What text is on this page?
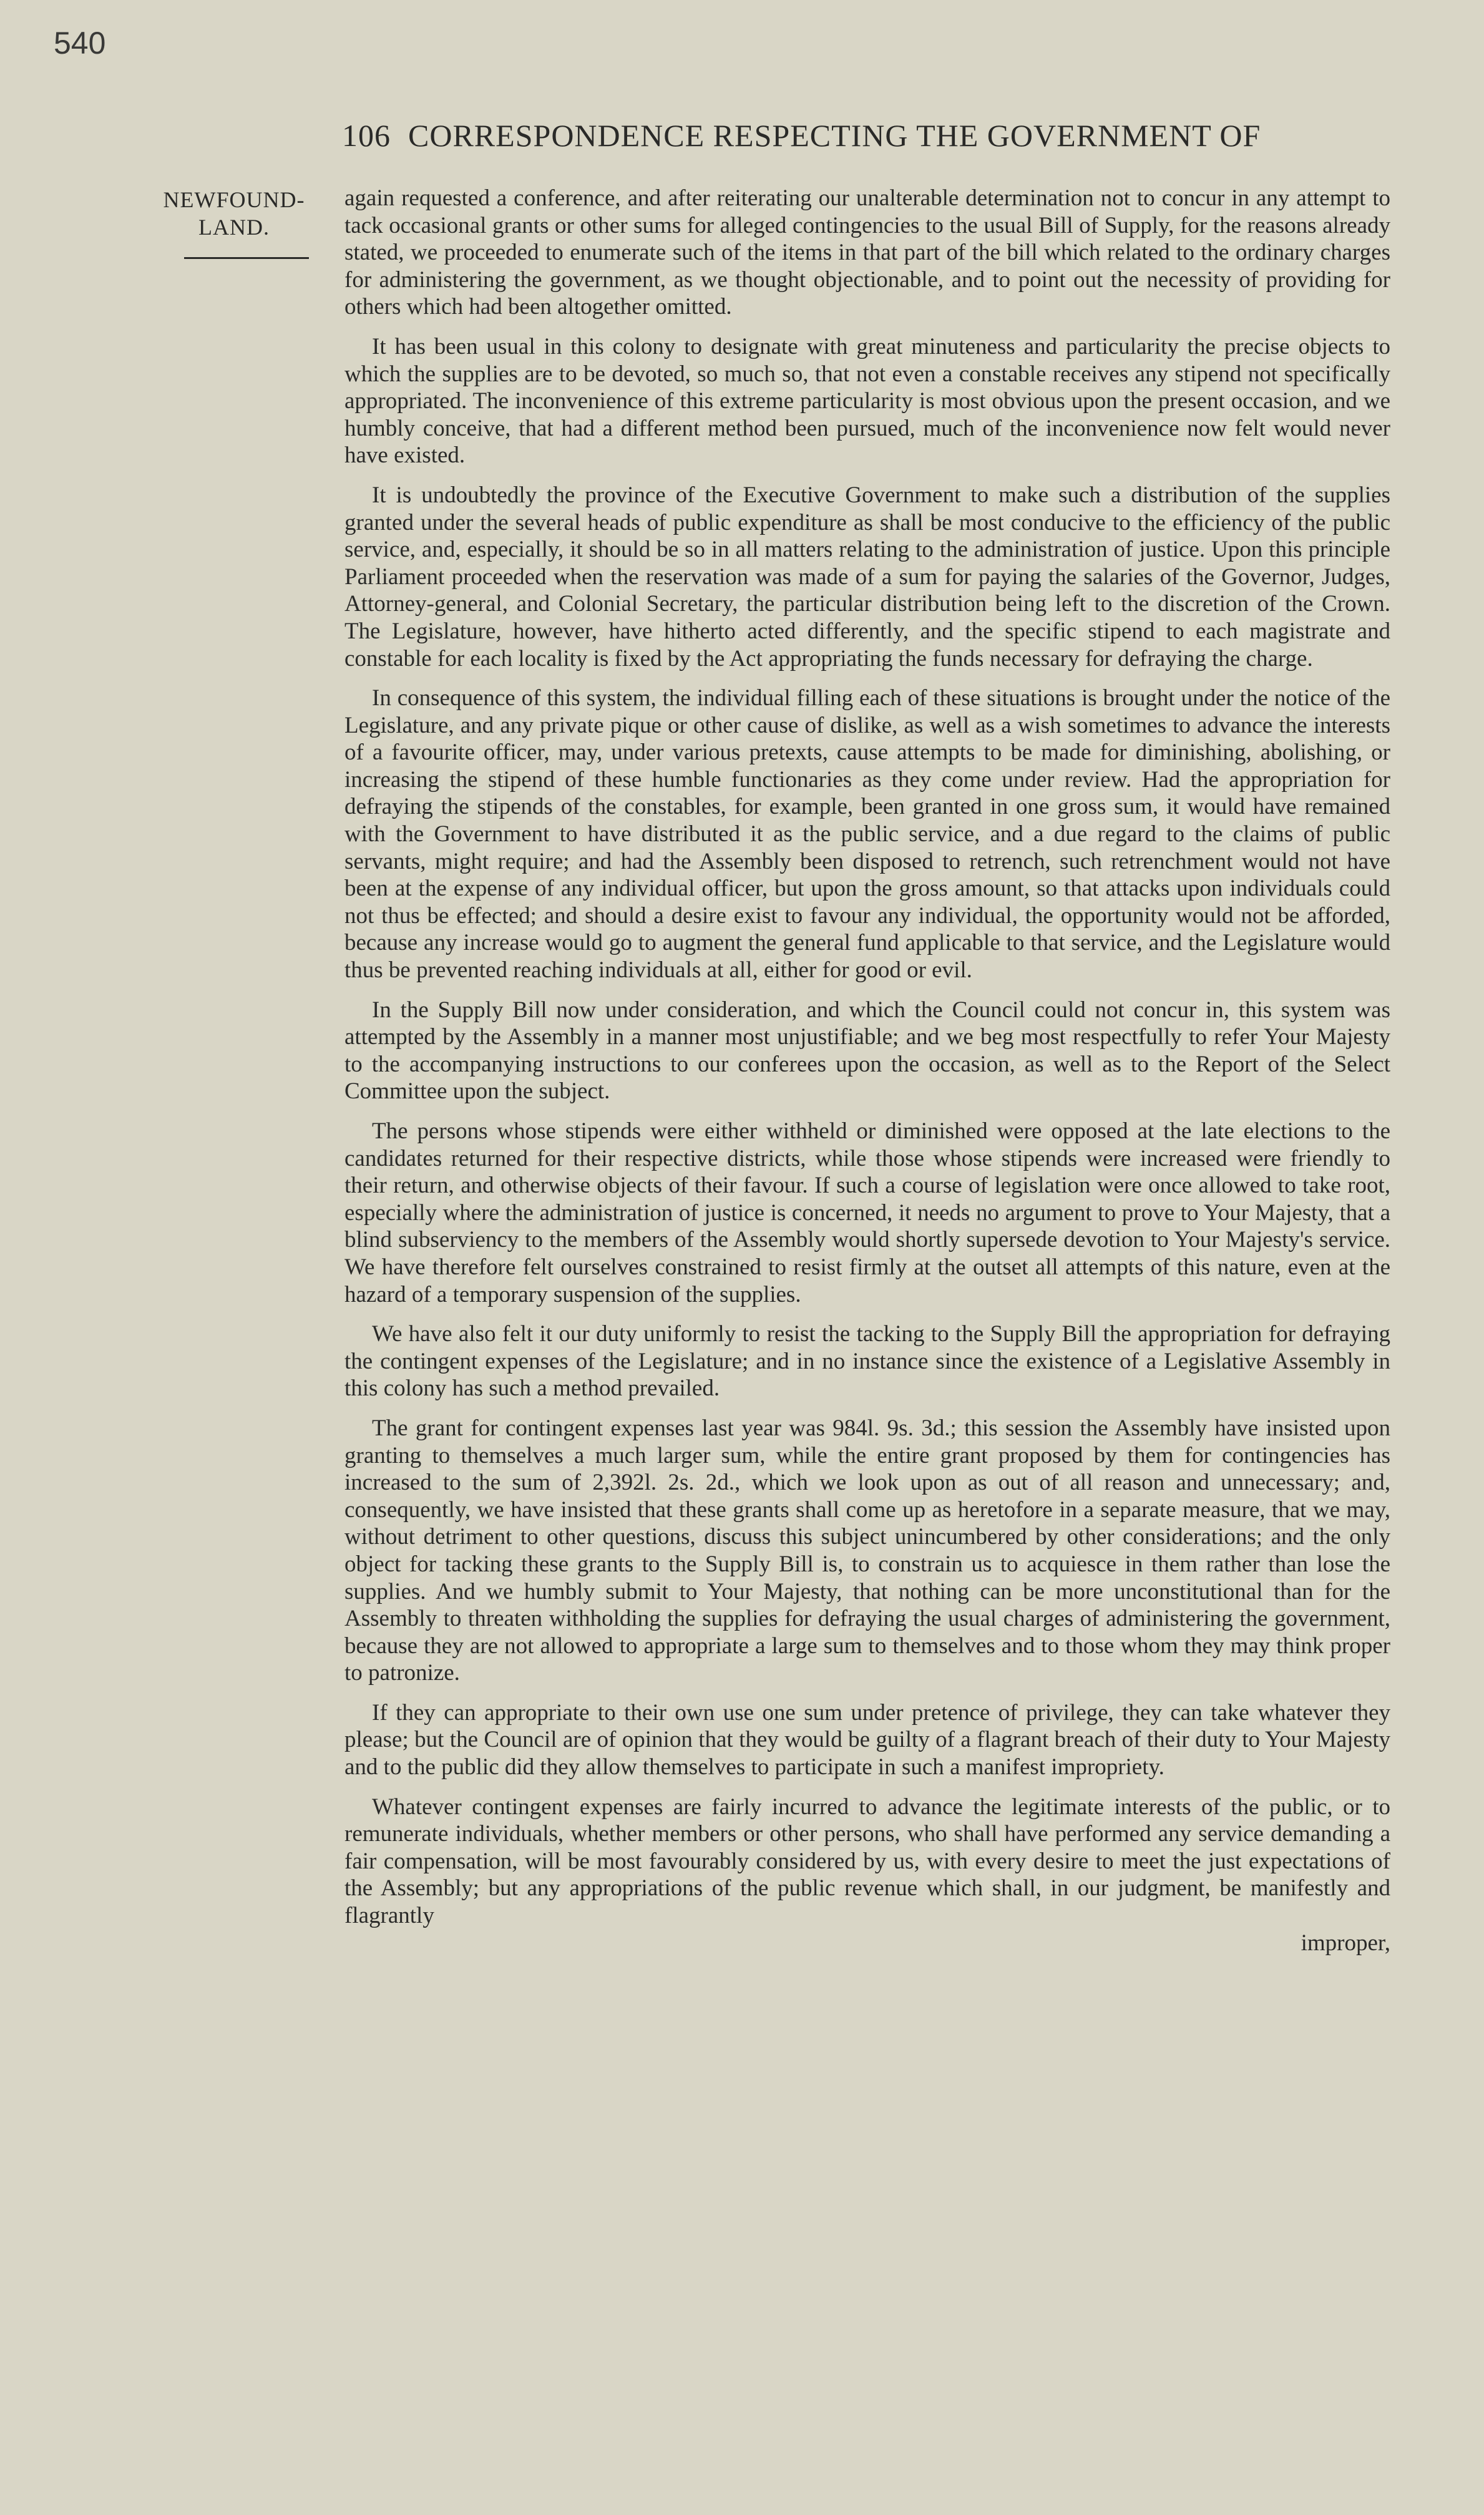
540
106 CORRESPONDENCE RESPECTING THE GOVERNMENT OF
NEWFOUND-
LAND.

again requested a conference, and after reiterating our unalterable determination not to concur in any attempt to tack occasional grants or other sums for alleged contingencies to the usual Bill of Supply, for the reasons already stated, we proceeded to enumerate such of the items in that part of the bill which related to the ordinary charges for administering the government, as we thought objectionable, and to point out the necessity of providing for others which had been altogether omitted.

It has been usual in this colony to designate with great minuteness and particularity the precise objects to which the supplies are to be devoted, so much so, that not even a constable receives any stipend not specifically appropriated. The inconvenience of this extreme particularity is most obvious upon the present occasion, and we humbly conceive, that had a different method been pursued, much of the inconvenience now felt would never have existed.

It is undoubtedly the province of the Executive Government to make such a distribution of the supplies granted under the several heads of public expenditure as shall be most conducive to the efficiency of the public service, and, especially, it should be so in all matters relating to the administration of justice. Upon this principle Parliament proceeded when the reservation was made of a sum for paying the salaries of the Governor, Judges, Attorney-general, and Colonial Secretary, the particular distribution being left to the discretion of the Crown. The Legislature, however, have hitherto acted differently, and the specific stipend to each magistrate and constable for each locality is fixed by the Act appropriating the funds necessary for defraying the charge.

In consequence of this system, the individual filling each of these situations is brought under the notice of the Legislature, and any private pique or other cause of dislike, as well as a wish sometimes to advance the interests of a favourite officer, may, under various pretexts, cause attempts to be made for diminishing, abolishing, or increasing the stipend of these humble functionaries as they come under review. Had the appropriation for defraying the stipends of the constables, for example, been granted in one gross sum, it would have remained with the Government to have distributed it as the public service, and a due regard to the claims of public servants, might require; and had the Assembly been disposed to retrench, such retrenchment would not have been at the expense of any individual officer, but upon the gross amount, so that attacks upon individuals could not thus be effected; and should a desire exist to favour any individual, the opportunity would not be afforded, because any increase would go to augment the general fund applicable to that service, and the Legislature would thus be prevented reaching individuals at all, either for good or evil.

In the Supply Bill now under consideration, and which the Council could not concur in, this system was attempted by the Assembly in a manner most unjustifiable; and we beg most respectfully to refer Your Majesty to the accompanying instructions to our conferees upon the occasion, as well as to the Report of the Select Committee upon the subject.

The persons whose stipends were either withheld or diminished were opposed at the late elections to the candidates returned for their respective districts, while those whose stipends were increased were friendly to their return, and otherwise objects of their favour. If such a course of legislation were once allowed to take root, especially where the administration of justice is concerned, it needs no argument to prove to Your Majesty, that a blind subserviency to the members of the Assembly would shortly supersede devotion to Your Majesty's service. We have therefore felt ourselves constrained to resist firmly at the outset all attempts of this nature, even at the hazard of a temporary suspension of the supplies.

We have also felt it our duty uniformly to resist the tacking to the Supply Bill the appropriation for defraying the contingent expenses of the Legislature; and in no instance since the existence of a Legislative Assembly in this colony has such a method prevailed.

The grant for contingent expenses last year was 984l. 9s. 3d.; this session the Assembly have insisted upon granting to themselves a much larger sum, while the entire grant proposed by them for contingencies has increased to the sum of 2,392l. 2s. 2d., which we look upon as out of all reason and unnecessary; and, consequently, we have insisted that these grants shall come up as heretofore in a separate measure, that we may, without detriment to other questions, discuss this subject unincumbered by other considerations; and the only object for tacking these grants to the Supply Bill is, to constrain us to acquiesce in them rather than lose the supplies. And we humbly submit to Your Majesty, that nothing can be more unconstitutional than for the Assembly to threaten withholding the supplies for defraying the usual charges of administering the government, because they are not allowed to appropriate a large sum to themselves and to those whom they may think proper to patronize.

If they can appropriate to their own use one sum under pretence of privilege, they can take whatever they please; but the Council are of opinion that they would be guilty of a flagrant breach of their duty to Your Majesty and to the public did they allow themselves to participate in such a manifest impropriety.

Whatever contingent expenses are fairly incurred to advance the legitimate interests of the public, or to remunerate individuals, whether members or other persons, who shall have performed any service demanding a fair compensation, will be most favourably considered by us, with every desire to meet the just expectations of the Assembly; but any appropriations of the public revenue which shall, in our judgment, be manifestly and flagrantly

improper,
